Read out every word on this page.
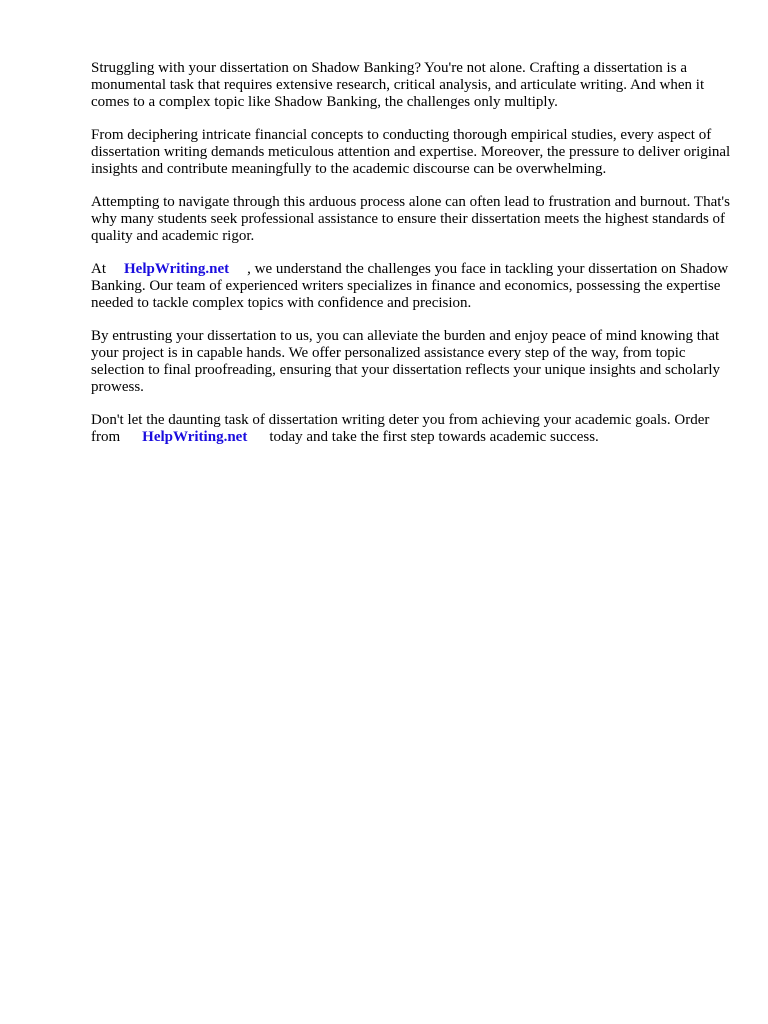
Struggling with your dissertation on Shadow Banking? You're not alone. Crafting a dissertation is a monumental task that requires extensive research, critical analysis, and articulate writing. And when it comes to a complex topic like Shadow Banking, the challenges only multiply.

From deciphering intricate financial concepts to conducting thorough empirical studies, every aspect of dissertation writing demands meticulous attention and expertise. Moreover, the pressure to deliver original insights and contribute meaningfully to the academic discourse can be overwhelming.

Attempting to navigate through this arduous process alone can often lead to frustration and burnout. That's why many students seek professional assistance to ensure their dissertation meets the highest standards of quality and academic rigor.

At HelpWriting.net , we understand the challenges you face in tackling your dissertation on Shadow Banking. Our team of experienced writers specializes in finance and economics, possessing the expertise needed to tackle complex topics with confidence and precision.

By entrusting your dissertation to us, you can alleviate the burden and enjoy peace of mind knowing that your project is in capable hands. We offer personalized assistance every step of the way, from topic selection to final proofreading, ensuring that your dissertation reflects your unique insights and scholarly prowess.

Don't let the daunting task of dissertation writing deter you from achieving your academic goals. Order from HelpWriting.net today and take the first step towards academic success.
